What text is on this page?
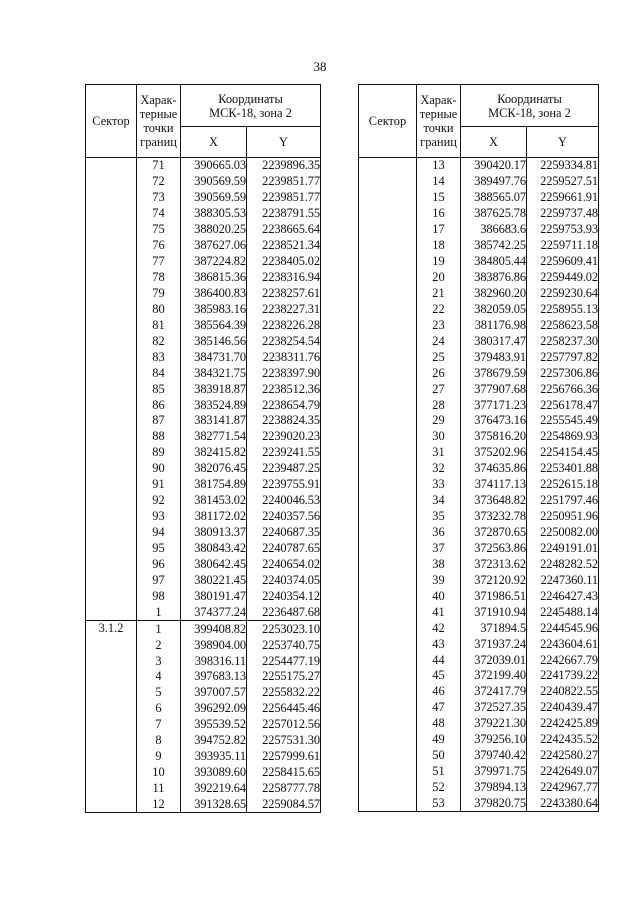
38
Сектор	Харак-
терные
точки
границ	Координаты
МСК-18, зона 2	
		X	Y
	71	390665.03	2239896.35
	72	390569.59	2239851.77
	73	390569.59	2239851.77
	74	388305.53	2238791.55
	75	388020.25	2238665.64
	76	387627.06	2238521.34
	77	387224.82	2238405.02
	78	386815.36	2238316.94
	79	386400.83	2238257.61
	80	385983.16	2238227.31
	81	385564.39	2238226.28
	82	385146.56	2238254.54
	83	384731.70	2238311.76
	84	384321.75	2238397.90
	85	383918.87	2238512.36
	86	383524.89	2238654.79
	87	383141.87	2238824.35
	88	382771.54	2239020.23
	89	382415.82	2239241.55
	90	382076.45	2239487.25
	91	381754.89	2239755.91
	92	381453.02	2240046.53
	93	381172.02	2240357.56
	94	380913.37	2240687.35
	95	380843.42	2240787.65
	96	380642.45	2240654.02
	97	380221.45	2240374.05
	98	380191.47	2240354.12
	1	374377.24	2236487.68
3.1.2	1	399408.82	2253023.10
	2	398904.00	2253740.75
	3	398316.11	2254477.19
	4	397683.13	2255175.27
	5	397007.57	2255832.22
	6	396292.09	2256445.46
	7	395539.52	2257012.56
	8	394752.82	2257531.30
	9	393935.11	2257999.61
	10	393089.60	2258415.65
	11	392219.64	2258777.78
	12	391328.65	2259084.57
Сектор	Харак-
терные
точки
границ	Координаты
МСК-18, зона 2	
		X	Y
	13	390420.17	2259334.81
	14	389497.76	2259527.51
	15	388565.07	2259661.91
	16	387625.78	2259737.48
	17	386683.6	2259753.93
	18	385742.25	2259711.18
	19	384805.44	2259609.41
	20	383876.86	2259449.02
	21	382960.20	2259230.64
	22	382059.05	2258955.13
	23	381176.98	2258623.58
	24	380317.47	2258237.30
	25	379483.91	2257797.82
	26	378679.59	2257306.86
	27	377907.68	2256766.36
	28	377171.23	2256178.47
	29	376473.16	2255545.49
	30	375816.20	2254869.93
	31	375202.96	2254154.45
	32	374635.86	2253401.88
	33	374117.13	2252615.18
	34	373648.82	2251797.46
	35	373232.78	2250951.96
	36	372870.65	2250082.00
	37	372563.86	2249191.01
	38	372313.62	2248282.52
	39	372120.92	2247360.11
	40	371986.51	2246427.43
	41	371910.94	2245488.14
	42	371894.5	2244545.96
	43	371937.24	2243604.61
	44	372039.01	2242667.79
	45	372199.40	2241739.22
	46	372417.79	2240822.55
	47	372527.35	2240439.47
	48	379221.30	2242425.89
	49	379256.10	2242435.52
	50	379740.42	2242580.27
	51	379971.75	2242649.07
	52	379894.13	2242967.77
	53	379820.75	2243380.64
